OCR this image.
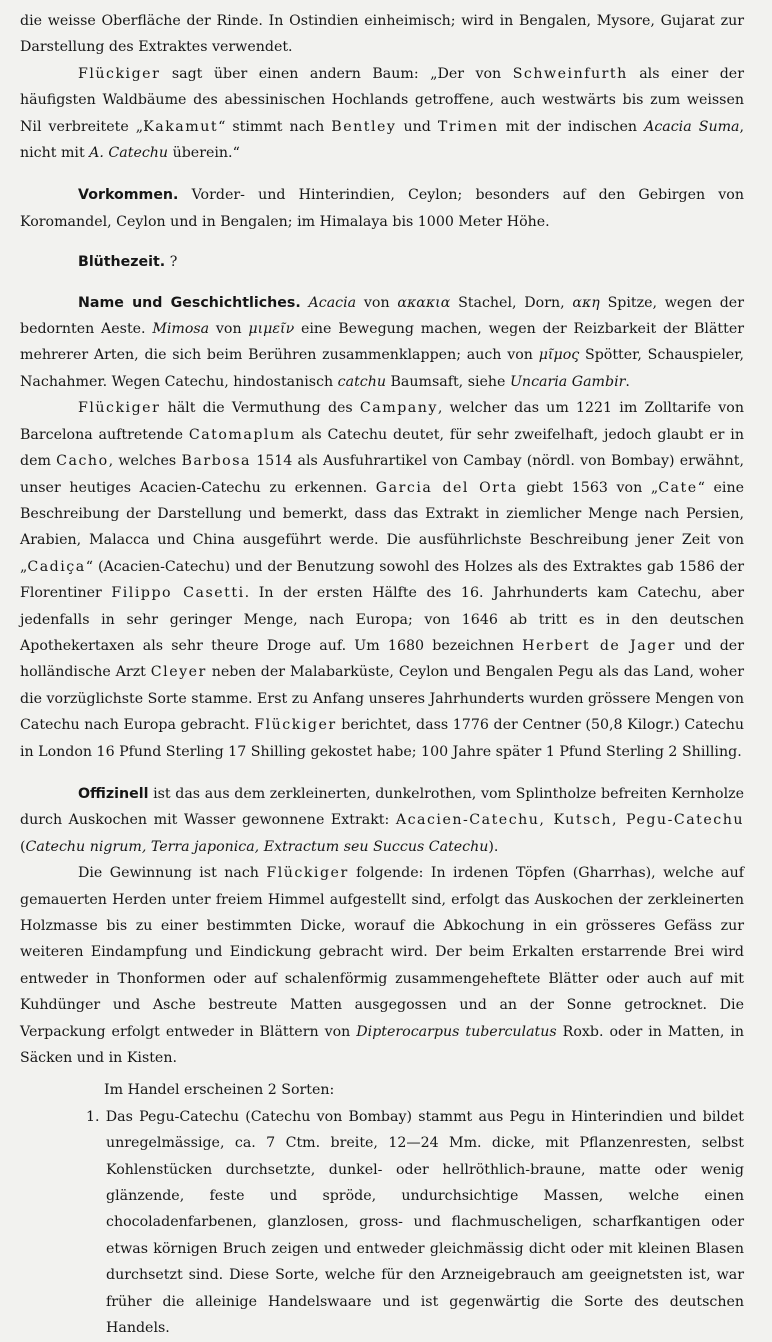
die weisse Oberfläche der Rinde. In Ostindien einheimisch; wird in Bengalen, Mysore, Gujarat zur Darstellung des Extraktes verwendet.

Flückiger sagt über einen andern Baum: „Der von Schweinfurth als einer der häufigsten Waldbäume des abessinischen Hochlands getroffene, auch westwärts bis zum weissen Nil verbreitete „Kakamut“ stimmt nach Bentley und Trimen mit der indischen Acacia Suma, nicht mit A. Catechu überein.“

Vorkommen. Vorder- und Hinterindien, Ceylon; besonders auf den Gebirgen von Koromandel, Ceylon und in Bengalen; im Himalaya bis 1000 Meter Höhe.

Blüthezeit. ?

Name und Geschichtliches. Acacia von ακακια Stachel, Dorn, ακη Spitze, wegen der bedornten Aeste. Mimosa von μιμεῖν eine Bewegung machen, wegen der Reizbarkeit der Blätter mehrerer Arten, die sich beim Berühren zusammenklappen; auch von μῖμος Spötter, Schauspieler, Nachahmer. Wegen Catechu, hindostanisch catchu Baumsaft, siehe Uncaria Gambir.

Flückiger hält die Vermuthung des Campany, welcher das um 1221 im Zolltarife von Barcelona auftretende Catomaplum als Catechu deutet, für sehr zweifelhaft, jedoch glaubt er in dem Cacho, welches Barbosa 1514 als Ausfuhrartikel von Cambay (nördl. von Bombay) erwähnt, unser heutiges Acacien-Catechu zu erkennen. Garcia del Orta giebt 1563 von „Cate“ eine Beschreibung der Darstellung und bemerkt, dass das Extrakt in ziemlicher Menge nach Persien, Arabien, Malacca und China ausgeführt werde. Die ausführlichste Beschreibung jener Zeit von „Cadiça“ (Acacien-Catechu) und der Benutzung sowohl des Holzes als des Extraktes gab 1586 der Florentiner Filippo Casetti. In der ersten Hälfte des 16. Jahrhunderts kam Catechu, aber jedenfalls in sehr geringer Menge, nach Europa; von 1646 ab tritt es in den deutschen Apothekertaxen als sehr theure Droge auf. Um 1680 bezeichnen Herbert de Jager und der holländische Arzt Cleyer neben der Malabarküste, Ceylon und Bengalen Pegu als das Land, woher die vorzüglichste Sorte stamme. Erst zu Anfang unseres Jahrhunderts wurden grössere Mengen von Catechu nach Europa gebracht. Flückiger berichtet, dass 1776 der Centner (50,8 Kilogr.) Catechu in London 16 Pfund Sterling 17 Shilling gekostet habe; 100 Jahre später 1 Pfund Sterling 2 Shilling.

Offizinell ist das aus dem zerkleinerten, dunkelrothen, vom Splintholze befreiten Kernholze durch Auskochen mit Wasser gewonnene Extrakt: Acacien-Catechu, Kutsch, Pegu-Catechu (Catechu nigrum, Terra japonica, Extractum seu Succus Catechu).

Die Gewinnung ist nach Flückiger folgende: In irdenen Töpfen (Gharrhas), welche auf gemauerten Herden unter freiem Himmel aufgestellt sind, erfolgt das Auskochen der zerkleinerten Holzmasse bis zu einer bestimmten Dicke, worauf die Abkochung in ein grösseres Gefäss zur weiteren Eindampfung und Eindickung gebracht wird. Der beim Erkalten erstarrende Brei wird entweder in Thonformen oder auf schalenförmig zusammengeheftete Blätter oder auch auf mit Kuhdünger und Asche bestreute Matten ausgegossen und an der Sonne getrocknet. Die Verpackung erfolgt entweder in Blättern von Dipterocarpus tuberculatus Roxb. oder in Matten, in Säcken und in Kisten.

Im Handel erscheinen 2 Sorten:

1. Das Pegu-Catechu (Catechu von Bombay) stammt aus Pegu in Hinterindien und bildet unregelmässige, ca. 7 Ctm. breite, 12—24 Mm. dicke, mit Pflanzenresten, selbst Kohlenstücken durchsetzte, dunkel- oder hellröthlich-braune, matte oder wenig glänzende, feste und spröde, undurchsichtige Massen, welche einen chocoladenfarbenen, glanzlosen, gross- und flachmuscheligen, scharfkantigen oder etwas körnigen Bruch zeigen und entweder gleichmässig dicht oder mit kleinen Blasen durchsetzt sind. Diese Sorte, welche für den Arzneigebrauch am geeignetsten ist, war früher die alleinige Handelswaare und ist gegenwärtig die Sorte des deutschen Handels.
